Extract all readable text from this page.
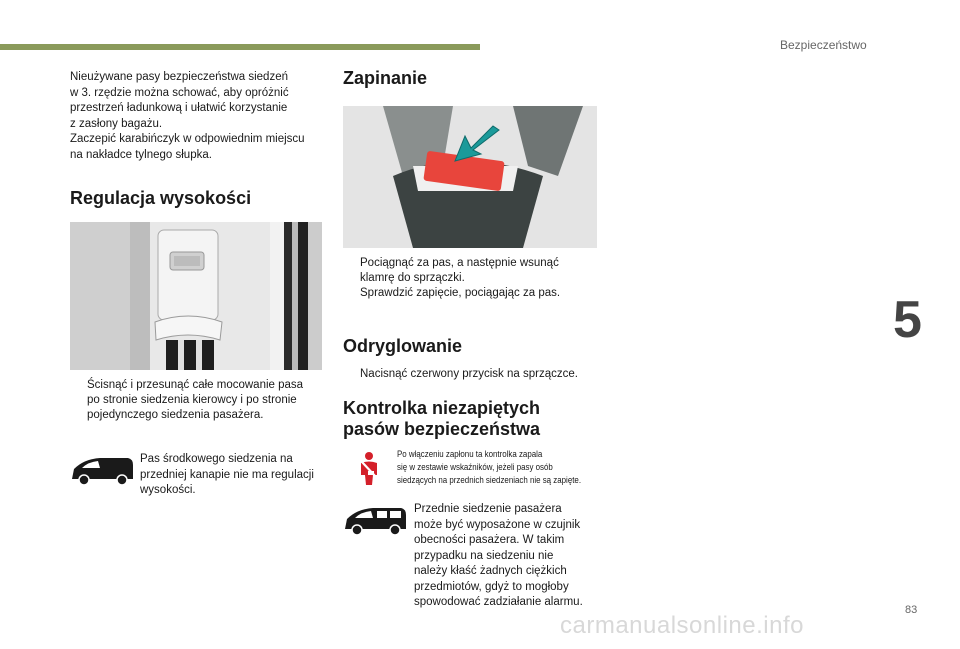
Bezpieczeństwo
5
83

Nieużywane pasy bezpieczeństwa siedzeń

w 3. rzędzie można schować, aby opróżnić

przestrzeń ładunkową i ułatwić korzystanie

z zasłony bagażu.

Zaczepić karabińczyk w odpowiednim miejscu

na nakładce tylnego słupka.

Regulacja wysokości
Ścisnąć i przesunąć całe mocowanie pasa
po stronie siedzenia kierowcy i po stronie
pojedynczego siedzenia pasażera.

Pas środkowego siedzenia na

przedniej kanapie nie ma regulacji

wysokości.

Zapinanie
Pociągnąć za pas, a następnie wsunąć
klamrę do sprzączki.
Sprawdzić zapięcie, pociągając za pas.
Odryglowanie
Nacisnąć czerwony przycisk na sprzączce.
Kontrolka niezapiętych
pasów bezpieczeństwa
Po włączeniu zapłonu ta kontrolka zapala
się w zestawie wskaźników, jeżeli pasy osób
siedzących na przednich siedzeniach nie są zapięte.

Przednie siedzenie pasażera

może być wyposażone w czujnik

obecności pasażera. W takim

przypadku na siedzeniu nie

należy kłaść żadnych ciężkich

przedmiotów, gdyż to mogłoby

spowodować zadziałanie alarmu.

carmanualsonline.info
